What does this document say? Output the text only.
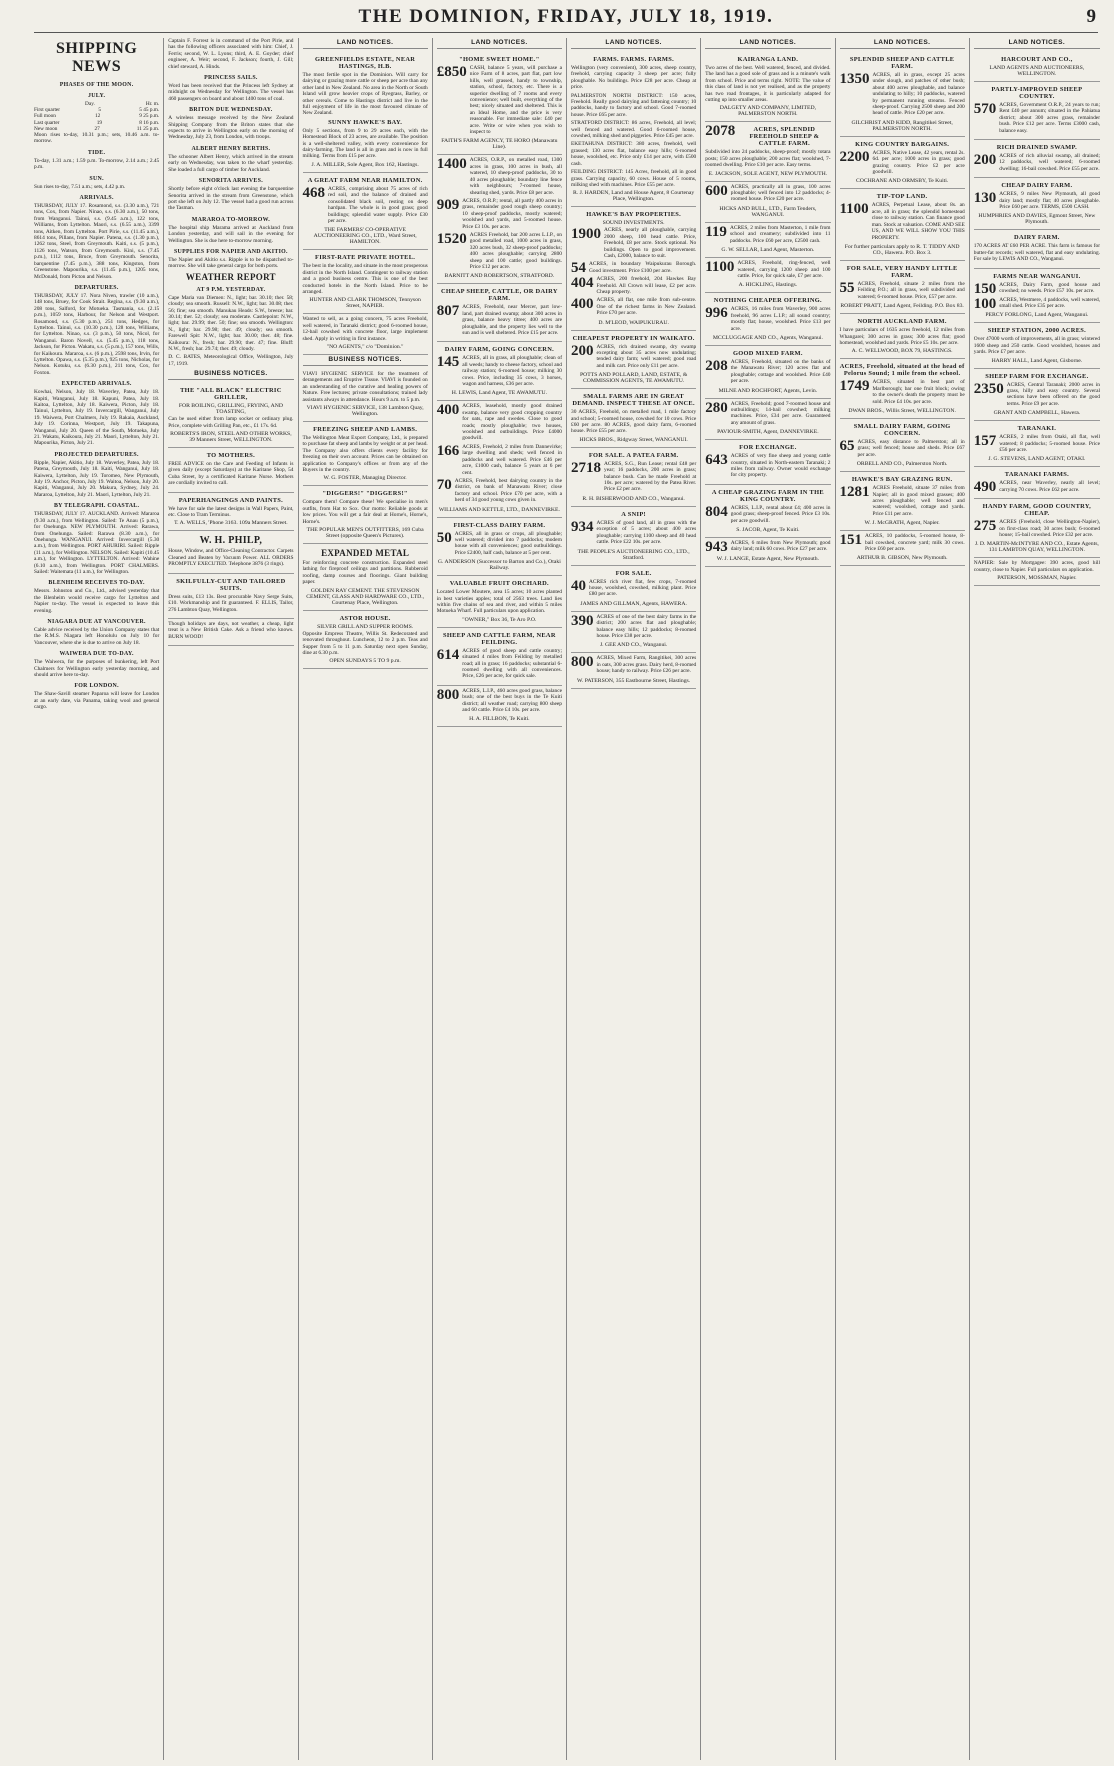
THE DOMINION, FRIDAY, JULY 18, 1919.	9
SHIPPING NEWS
PHASES OF THE MOON.
JULY.
Day.	Hr. m.
First quarter	5	5 45 p.m.
Full moon	12	9 25 p.m.
Last quarter	19	8 16 p.m.
New moon	27	11 25 p.m.

Moon rises to-day, 10.31 p.m.; sets, 10.46 a.m. to-morrow.

TIDE.

To-day, 1.31 a.m.; 1.59 p.m. To-morrow, 2.14 a.m.; 2.45 p.m.

SUN.

Sun rises to-day, 7.51 a.m.; sets, 4.42 p.m.

ARRIVALS.

THURSDAY, JULY 17. Rosamond, s.s. (3.30 a.m.), 721 tons, Cox, from Napier. Ninao, s.s. (6.30 a.m.), 50 tons, from Wanganui. Tainui, s.s. (9.45 a.m.), 122 tons, Williams, from Lyttelton. Maori, s.s. (6.55 a.m.), 3399 tons, Aitken, from Lyttelton. Port Pirie, s.s. (11.45 a.m.), 8614 tons, Pillans, from Napier. Patena, s.s. (1.30 p.m.), 1262 tons, Steel, from Greymouth. Kaiti, s.s. (5 p.m.), 1126 tons, Watson, from Greymouth. Kini, s.s. (7.45 p.m.), 1112 tons, Bruce, from Greymouth. Senorita, barquentine (7.45 p.m.), 388 tons, Kingston, from Greenstone. Mapourika, s.s. (11.45 p.m.), 1205 tons, McDonald, from Picton and Nelson.

DEPARTURES.

THURSDAY, JULY 17. Nora Niven, trawler (10 a.m.), 148 tons, Bruey, for Cook Strait. Regina, s.s. (9.30 a.m.), 208 tons, Salford, for Motueka. Tasmania, s.s. (2.15 p.m.), 1059 tons, Harbour, for Nelson and Westport. Rosamond, s.s. (5.30 p.m.), 251 tons, Hedges, for Lyttelton. Tainui, s.s. (10.30 p.m.), 128 tons, Williams, for Lyttelton. Ninao, s.s. (3 p.m.), 50 tons, Nicol, for Wanganui. Baron Novell, s.s. (5.45 p.m.), 118 tons, Jackson, for Picton. Wakatu, s.s. (5 p.m.), 157 tons, Wills, for Kaikoura. Mararoa, s.s. (6 p.m.), 2598 tons, Irvin, for Lyttelton. Opawa, s.s. (5.35 p.m.), 925 tons, Nicholas, for Nelson. Kotuku, s.s. (6.30 p.m.), 211 tons, Cox, for Foxton.

EXPECTED ARRIVALS.

Kowhai, Nelson, July 18. Waverley, Patea, July 18. Kapiti, Wanganui, July 18. Kapuni, Patea, July 18. Kaitoa, Lyttelton, July 18. Kaiwera, Picton, July 18. Tainui, Lyttelton, July 19. Invercargill, Wanganui, July 19. Waiwera, Port Chalmers, July 19. Rakaia, Auckland, July 19. Corinna, Westport, July 19. Takapuna, Wanganui, July 20. Queen of the South, Motueka, July 21. Wakatu, Kaikoura, July 21. Maori, Lyttelton, July 21. Mapourika, Picton, July 21.

PROJECTED DEPARTURES.

Ripple, Napier, Akitio, July 18. Waverley, Patea, July 18. Patena, Greymouth, July 18. Kaiti, Wanganui, July 18. Kaiwera, Lyttelton, July 19. Toromeo, New Plymouth, July 19. Anchor, Picton, July 19. Waitoa, Nelson, July 20. Kapiti, Wanganui, July 20. Makura, Sydney, July 24. Mararoa, Lyttelton, July 21. Maori, Lyttelton, July 21.

BY TELEGRAPH. COASTAL.

THURSDAY, JULY 17. AUCKLAND. Arrived: Mararoa (9.30 a.m.), from Wellington. Sailed: Te Anau (5 p.m.), for Onehunga. NEW PLYMOUTH. Arrived: Rarawa, from Onehunga. Sailed: Rarawa (8.30 a.m.), for Onehunga. WANGANUI. Arrived: Invercargill (5.30 a.m.), from Wellington. PORT AHURIRI. Sailed: Ripple (11 a.m.), for Wellington. NELSON. Sailed: Kapiti (10.45 a.m.), for Wellington. LYTTELTON. Arrived: Wahine (6.10 a.m.), from Wellington. PORT CHALMERS. Sailed: Waitemata (11 a.m.), for Wellington.

BLENHEIM RECEIVES TO-DAY.

Messrs. Johnston and Co., Ltd., advised yesterday that the Blenheim would receive cargo for Lyttelton and Napier to-day. The vessel is expected to leave this evening.

NIAGARA DUE AT VANCOUVER.

Cable advice received by the Union Company states that the R.M.S. Niagara left Honolulu on July 10 for Vancouver, where she is due to arrive on July 18.

WAIWERA DUE TO-DAY.

The Waiwera, for the purposes of bunkering, left Port Chalmers for Wellington early yesterday morning, and should arrive here to-day.

FOR LONDON.

The Shaw-Savill steamer Paparoa will leave for London at an early date, via Panama, taking wool and general cargo.

Captain F. Forrest is in command of the Port Pirie, and has the following officers associated with him: Chief, J. Ferris; second, W. L. Lyons; third, A. E. Goyder; chief engineer, A. Weir; second, F. Jackson; fourth, J. Gill; chief steward, A. Hinds.

PRINCESS SAILS.

Word has been received that the Princess left Sydney at midnight on Wednesday for Wellington. The vessel has 460 passengers on board and about 1400 tons of coal.

BRITON DUE WEDNESDAY.

A wireless message received by the New Zealand Shipping Company from the Briton states that she expects to arrive in Wellington early on the morning of Wednesday, July 23, from London, with troops.

ALBERT HENRY BERTHS.

The schooner Albert Henry, which arrived in the stream early on Wednesday, was taken to the wharf yesterday. She loaded a full cargo of timber for Auckland.

SENORITA ARRIVES.

Shortly before eight o'clock last evening the barquentine Senorita arrived in the stream from Greenstone, which port she left on July 12. The vessel had a good run across the Tasman.

MARAROA TO-MORROW.

The hospital ship Marama arrived at Auckland from London yesterday, and will sail in the evening for Wellington. She is due here to-morrow morning.

SUPPLIES FOR NAPIER AND AKITIO.

The Napier and Akitio s.s. Ripple is to be dispatched to-morrow. She will take general cargo for both ports.

WEATHER REPORT
AT 9 P.M. YESTERDAY.

Cape Maria van Diemen: N., light; bar. 30.10; ther. 58; cloudy; sea smooth. Russell: N.W., light; bar. 30.08; ther. 56; fine; sea smooth. Manukau Heads: S.W., breeze; bar. 30.14; ther. 52; cloudy; sea moderate. Castlepoint: N.W., light; bar. 29.99; ther. 50; fine; sea smooth. Wellington: N., light; bar. 29.98; ther. 49; cloudy; sea smooth. Farewell Spit: N.W., light; bar. 30.00; ther. 48; fine. Kaikoura: N., fresh; bar. 29.90; ther. 47; fine. Bluff: N.W., fresh; bar. 29.74; ther. 49; cloudy.

D. C. BATES, Meteorological Office, Wellington, July 17, 1919.

BUSINESS NOTICES.
THE "ALL BLACK" ELECTRIC GRILLER,
FOR BOILING, GRILLING, FRYING, AND TOASTING,

Can be used either from lamp socket or ordinary plug. Price, complete with Grilling Pan, etc., £1 17s. 6d.

ROBERTS'S IRON, STEEL AND OTHER WORKS, 39 Manners Street, WELLINGTON.
TO MOTHERS.

FREE ADVICE on the Care and Feeding of Infants is given daily (except Saturdays) at the Karitane Shop, 54 Cuba Street, by a certificated Karitane Nurse. Mothers are cordially invited to call.

PAPERHANGINGS AND PAINTS.

We have for sale the latest designs in Wall Papers, Paint, etc. Close to Tram Terminus.

T. A. WELLS, 'Phone 3163. 109a Manners Street.
W. H. PHILP,

House, Window, and Office-Cleaning Contractor. Carpets Cleaned and Beaten by Vacuum Power. ALL ORDERS PROMPTLY EXECUTED. Telephone 3876 (3 rings).

SKILFULLY-CUT AND TAILORED SUITS.

Dress suits, £13 13s. Best procurable Navy Serge Suits, £10. Workmanship and fit guaranteed. F. ELLIS, Tailor, 276 Lambton Quay, Wellington.

Though holidays are days, not weather, a cheap, light treat is a New British Cake. Ask a friend who knows. BURN WOOD!

LAND NOTICES.
GREENFIELDS ESTATE, NEAR HASTINGS, H.B.

The most fertile spot in the Dominion. Will carry for dairying or grazing more cattle or sheep per acre than any other land in New Zealand. No area in the North or South Island will grow heavier crops of Ryegrass, Barley, or other cereals. Come to Hastings district and live in the full enjoyment of life in the most favoured climate of New Zealand.

SUNNY HAWKE'S BAY.

Only 5 sections, from 9 to 29 acres each, with the Homestead Block of 23 acres, are available. The position is a well-sheltered valley, with every convenience for dairy-farming. The land is all in grass and is now in full milking. Terms from £15 per acre.

J. A. MILLER, Sole Agent, Box 162, Hastings.
A GREAT FARM NEAR HAMILTON.
468 ACRES, comprising about 75 acres of rich red soil, and the balance of drained and consolidated black soil, resting on deep hardpan. The whole is in good grass; good buildings; splendid water supply. Price £30 per acre.

THE FARMERS' CO-OPERATIVE AUCTIONEERING CO., LTD., Ward Street, HAMILTON.
FIRST-RATE PRIVATE HOTEL.

The best in the locality, and situate in the most prosperous district in the North Island. Contingent to railway station and a good business centre. This is one of the best conducted hotels in the North Island. Price to be arranged.

HUNTER AND CLARK THOMSON, Tennyson Street, NAPIER.

Wanted to sell, as a going concern, 75 acres Freehold, well watered, in Taranaki district; good 6-roomed house, 12-bail cowshed with concrete floor, large implement shed. Apply in writing in first instance.

"NO AGENTS," c/o "Dominion."
BUSINESS NOTICES.

VIAVI HYGIENIC SERVICE for the treatment of derangements and Eruptive Tissue. VIAVI is founded on an understanding of the curative and healing powers of Nature. Free lectures; private consultations; trained lady assistants always in attendance. Hours 9 a.m. to 5 p.m.

VIAVI HYGIENIC SERVICE, 138 Lambton Quay, Wellington.
FREEZING SHEEP AND LAMBS.

The Wellington Meat Export Company, Ltd., is prepared to purchase fat sheep and lambs by weight or at per head. The Company also offers clients every facility for freezing on their own account. Prices can be obtained on application to Company's offices or from any of the Buyers in the country.

W. G. FOSTER, Managing Director.
"DIGGERS!" "DIGGERS!"

Compare them! Compare these! We specialise in men's outfits, from Hat to Sox. Our motto: Reliable goods at low prices. You will get a fair deal at Horne's, Horne's, Horne's.

THE POPULAR MEN'S OUTFITTERS, 169 Cuba Street (opposite Queen's Pictures).
EXPANDED METAL

For reinforcing concrete construction. Expanded steel lathing for fireproof ceilings and partitions. Rubberoid roofing, damp courses and floorings. Giant building paper.

GOLDEN RAY CEMENT. THE STEVENSON CEMENT, GLASS AND HARDWARE CO., LTD., Courtenay Place, Wellington.
ASTOR HOUSE.
SILVER GRILL AND SUPPER ROOMS.

Opposite Empress Theatre, Willis St. Redecorated and renovated throughout. Luncheon, 12 to 2 p.m. Teas and Supper from 5 to 11 p.m. Saturday next open Sunday, dine at 6.30 p.m.

OPEN SUNDAYS 5 TO 9 p.m.
LAND NOTICES.
"HOME SWEET HOME."
£850 CASH, balance 5 years, will purchase a nice Farm of 8 acres, part flat, part low hills, well grassed, handy to township, station, school, factory, etc. There is a superior dwelling of 7 rooms and every convenience; well built, everything of the best; nicely situated and sheltered. This is an Ideal Home, and the price is very reasonable. For immediate sale: £40 per acre. Write or wire when you wish to inspect to

FAITH'S FARM AGENCY, TE HORO (Manawatu Line).
1400 ACRES, O.R.P., on metalled road, 1300 acres in grass, 100 acres in bush, all watered, 10 sheep-proof paddocks, 30 to 40 acres ploughable; boundary line fence with neighbours; 7-roomed house, shearing shed, yards. Price £8 per acre.

909 ACRES, O.R.P.; rental, all partly 400 acres in grass, remainder good rough sheep country; 10 sheep-proof paddocks, mostly watered; woolshed and yards, and 5-roomed house. Price £3 10s. per acre.

1520 ACRES Freehold, bar 200 acres L.I.P., on good metalled road, 1000 acres in grass, 320 acres bush, 32 sheep-proof paddocks; 400 acres ploughable; carrying 2800 sheep and 100 cattle; good buildings. Price £12 per acre.

BARNITT AND ROBERTSON, STRATFORD.
CHEAP SHEEP, CATTLE, OR DAIRY FARM.
807 ACRES, Freehold, near Mercer, part low-land, part drained swamp; about 300 acres in grass, balance heavy titree; 400 acres are ploughable, and the property lies well to the sun and is well sheltered. Price £15 per acre.

DAIRY FARM, GOING CONCERN.
145 ACRES, all in grass, all ploughable; clean of all weeds; handy to cheese factory, school and railway station; 6-roomed house; milking 30 cows. Price, including 35 cows, 3 horses, wagon and harness, £36 per acre.

H. LEWIS, Land Agent, TE AWAMUTU.
400 ACRES, leasehold, mostly good drained swamp, balance very good cropping country for oats, rape and swedes. Close to good roads; mostly ploughable; two houses, woolshed and outbuildings. Price £4000 goodwill.

166 ACRES, Freehold, 2 miles from Dannevirke; large dwelling and sheds; well fenced in paddocks and well watered. Price £46 per acre, £1000 cash, balance 5 years at 6 per cent.

70 ACRES, Freehold, best dairying country in the district, on bank of Manawatu River; close factory and school. Price £70 per acre, with a herd of 34 good young cows given in.

WILLIAMS AND KETTLE, LTD., DANNEVIRKE.
FIRST-CLASS DAIRY FARM.
50 ACRES, all in grass or crops, all ploughable; well watered; divided into 7 paddocks; modern house with all conveniences; good outbuildings. Price £2400, half cash, balance at 5 per cent.

G. ANDERSON (Successor to Barton and Co.), Otaki Railway.
VALUABLE FRUIT ORCHARD.

Located Lower Moutere, area 15 acres; 10 acres planted in best varieties apples; total of 2563 trees. Land lies within five chains of sea and river, and within 5 miles Motueka Wharf. Full particulars upon application.

"OWNER," Box 36, Te Aro P.O.
SHEEP AND CATTLE FARM, NEAR FEILDING.
614 ACRES of good sheep and cattle country; situated 4 miles from Feilding by metalled road; all in grass; 16 paddocks; substantial 6-roomed dwelling with all conveniences. Price, £26 per acre, for quick sale.

800 ACRES, L.I.P., 460 acres good grass, balance bush; one of the best buys in the Te Kuiti district; all weather road; carrying 800 sheep and 60 cattle. Price £4 10s. per acre.

H. A. FILLBON, Te Kuiti.
LAND NOTICES.
FARMS. FARMS. FARMS.

Wellington (very convenient), 300 acres, sheep country, freehold, carrying capacity 3 sheep per acre; fully ploughable. No buildings. Price £28 per acre. Cheap at price.

PALMERSTON NORTH DISTRICT: 150 acres, Freehold. Really good dairying and fattening country; 10 paddocks, handy to factory and school. Good 7-roomed house. Price £65 per acre.

STRATFORD DISTRICT: 86 acres, Freehold, all level; well fenced and watered. Good 6-roomed house, cowshed, milking shed and piggeries. Price £45 per acre.

EKETAHUNA DISTRICT: 380 acres, freehold, well grassed; 130 acres flat, balance easy hills; 6-roomed house, woolshed, etc. Price only £14 per acre, with £500 cash.

FEILDING DISTRICT: 145 Acres, freehold, all in good grass. Carrying capacity, 60 cows. House of 5 rooms, milking shed with machines. Price £55 per acre.

R. J. HARDEN, Land and House Agent, 8 Courtenay Place, Wellington.
HAWKE'S BAY PROPERTIES.
SOUND INVESTMENTS.
1900 ACRES, nearly all ploughable, carrying 2000 sheep, 100 head cattle. Price, Freehold, £8 per acre. Stock optional. No buildings. Open to good improvement. Cash, £2000, balance to suit.

54 ACRES, in boundary Waipukurau Borough. Good investment. Price £100 per acre.

404 ACRES, 200 freehold, 204 Hawkes Bay Freehold. All Crown will lease, £2 per acre. Cheap property.

400 ACRES, all flat, one mile from sub-centre. One of the richest farms in New Zealand. Price £70 per acre.

D. M'LEOD, WAIPUKURAU.
CHEAPEST PROPERTY IN WAIKATO.
200 ACRES, rich drained swamp, dry swamp excepting about 35 acres now undulating; tended dairy farm; well watered; good road and milk cart. Price only £11 per acre.

POTTS AND POLLARD, LAND, ESTATE, & COMMISSION AGENTS, TE AWAMUTU.
SMALL FARMS ARE IN GREAT DEMAND. INSPECT THESE AT ONCE.

30 ACRES, Freehold, on metalled road, 1 mile factory and school; 5-roomed house, cowshed for 10 cows. Price £60 per acre. 80 ACRES, good dairy farm, 6-roomed house. Price £55 per acre.

HICKS BROS., Ridgway Street, WANGANUI.
FOR SALE. A PATEA FARM.
2718 ACRES, S.G., Run Lease; rental £48 per year; 16 paddocks, 200 acres in grass; balance bush. Can be made Freehold at 10s. per acre; watered by the Patea River. Price £2 per acre.

R. H. BISHERWOOD AND CO., Wanganui.
A SNIP!
934 ACRES of good land, all in grass with the exception of 5 acres; about 400 acres ploughable; carrying 1100 sheep and 40 head cattle. Price £22 10s. per acre.

THE PEOPLE'S AUCTIONEERING CO., LTD., Stratford.
FOR SALE.
40 ACRES rich river flat, few crops, 7-roomed house, woolshed, cowshed, milking plant. Price £80 per acre.

JAMES AND GILLMAN, Agents, HAWERA.
390 ACRES of one of the best dairy farms in the district; 200 acres flat and ploughable; balance easy hills; 12 paddocks; 8-roomed house. Price £38 per acre.

J. GEE AND CO., Wanganui.
800 ACRES, Mixed Farm, Rangitikei, 300 acres in oats, 300 acres grass. Dairy herd, 8-roomed house; handy to railway. Price £26 per acre.

W. PATERSON, 355 Eastbourne Street, Hastings.
LAND NOTICES.
KAIRANGA LAND.

Two acres of the best. Well watered, fenced, and divided. The land has a good sole of grass and is a minute's walk from school. Price and terms right. NOTE: The value of this class of land is not yet realised, and as the property has two road frontages, it is particularly adapted for cutting up into smaller areas.

DALGETY AND COMPANY, LIMITED, PALMERSTON NORTH.
2078	ACRES, SPLENDID FREEHOLD SHEEP & CATTLE FARM.

Subdivided into 24 paddocks, sheep-proof; mostly totara posts; 150 acres ploughable; 200 acres flat; woolshed, 7-roomed dwelling. Price £10 per acre. Easy terms.

E. JACKSON, SOLE AGENT, NEW PLYMOUTH.
600 ACRES, practically all in grass, 100 acres ploughable; well fenced into 12 paddocks; 4-roomed house. Price £20 per acre.

HICKS AND BULL, LTD., Farm Tenders, WANGANUI.
119 ACRES, 2 miles from Masterton, 1 mile from school and creamery; subdivided into 11 paddocks. Price £60 per acre, £2500 cash.

G. W. SELLAR, Land Agent, Masterton.
1100 ACRES, Freehold, ring-fenced, well watered, carrying 1200 sheep and 100 cattle. Price, for quick sale, £7 per acre.

A. HICKLING, Hastings.
NOTHING CHEAPER OFFERING.
996 ACRES, 16 miles from Waverley, 900 acres freehold, 96 acres L.I.P.; all sound country; mostly flat; house, woolshed. Price £13 per acre.

MCCLUGGAGE AND CO., Agents, Wanganui.
GOOD MIXED FARM.
208 ACRES, Freehold, situated on the banks of the Manawatu River; 120 acres flat and ploughable; cottage and woolshed. Price £40 per acre.

MILNE AND ROCHFORT, Agents, Levin.
280 ACRES, Freehold; good 7-roomed house and outbuildings; 14-bail cowshed; milking machines. Price, £34 per acre. Guaranteed any amount of grass.

PAVIOUR-SMITH, Agent, DANNEVIRKE.
FOR EXCHANGE.
643 ACRES of very fine sheep and young cattle country, situated in North-eastern Taranaki; 2 miles from railway. Owner would exchange for city property.

A CHEAP GRAZING FARM IN THE KING COUNTRY.
804 ACRES, L.I.P., rental about £4; 400 acres in good grass; sheep-proof fenced. Price £3 10s. per acre goodwill.

S. JACOB, Agent, Te Kuiti.
943 ACRES, 6 miles from New Plymouth; good dairy land; milk 60 cows. Price £27 per acre.

W. J. LANGE, Estate Agent, New Plymouth.
LAND NOTICES.
SPLENDID SHEEP AND CATTLE FARM.
1350 ACRES, all in grass, except 25 acres under slough, and patches of other bush; about 400 acres ploughable, and balance undulating to hilly; 10 paddocks, watered by permanent running streams. Fenced sheep-proof. Carrying 2500 sheep and 200 head of cattle. Price £20 per acre.

GILCHRIST AND KIDD, Rangitikei Street, PALMERSTON NORTH.
KING COUNTRY BARGAINS.
2200 ACRES, Native Lease, 42 years, rental 2s. 6d. per acre; 1000 acres in grass; good grazing country. Price £2 per acre goodwill.

COCHRANE AND ORMSBY, Te Kuiti.
TIP-TOP LAND.
1100 ACRES, Perpetual Lease, about 8s. an acre, all in grass; the splendid homestead close to railway station. Can finance good man. Stock at valuation. COME AND SEE US, AND WE WILL SHOW YOU THIS PROPERTY.

For further particulars apply to R. T. TIDDY AND CO., Hawera. P.O. Box 3.
FOR SALE, VERY HANDY LITTLE FARM.
55 ACRES, Freehold, situate 2 miles from the Feilding P.O.; all in grass, well subdivided and watered; 6-roomed house. Price, £57 per acre.

ROBERT PRATT, Land Agent, Feilding. P.O. Box 83.
NORTH AUCKLAND FARM.

I have particulars of 1635 acres freehold, 12 miles from Whangarei; 300 acres in grass; 300 acres flat; good homestead, woolshed and yards. Price £5 10s. per acre.

A. C. WELLWOOD, BOX 79, HASTINGS.
ACRES, Freehold, situated at the head of Pelorus Sound; 1 mile from the school.
1749 ACRES, situated in best part of Marlborough; bar one fruit block; owing to the owner's death the property must be sold. Price £4 10s. per acre.

DWAN BROS., Willis Street, WELLINGTON.
SMALL DAIRY FARM, GOING CONCERN.
65 ACRES, easy distance to Palmerston; all in grass; well fenced; house and sheds. Price £67 per acre.

ORBELL AND CO., Palmerston North.
HAWKE'S BAY GRAZING RUN.
1281 ACRES Freehold, situate 37 miles from Napier; all in good mixed grasses; 400 acres ploughable; well fenced and watered; woolshed, cottage and yards. Price £11 per acre.

W. J. McGRATH, Agent, Napier.
151 ACRES, 10 paddocks, 5-roomed house, 8-bail cowshed, concrete yard; milk 30 cows. Price £60 per acre.

ARTHUR B. GIBSON, New Plymouth.
LAND NOTICES.
HARCOURT AND CO.,
LAND AGENTS AND AUCTIONEERS, WELLINGTON.
PARTLY-IMPROVED SHEEP COUNTRY.
570 ACRES, Government O.R.P., 24 years to run; Rent £40 per annum; situated in the Pahiatua district; about 300 acres grass, remainder bush. Price £12 per acre. Terms £3000 cash, balance easy.

RICH DRAINED SWAMP.
200 ACRES of rich alluvial swamp, all drained; 12 paddocks, well watered; 6-roomed dwelling; 16-bail cowshed. Price £55 per acre.

CHEAP DAIRY FARM.
130 ACRES, 9 miles New Plymouth, all good dairy land; mostly flat; 40 acres ploughable. Price £60 per acre. TERMS, £500 CASH.

HUMPHRIES AND DAVIES, Egmont Street, New Plymouth.
DAIRY FARM.

170 ACRES AT £60 PER ACRE. This farm is famous for butter-fat records; well watered, flat and easy undulating. For sale by LEWIS AND CO., Wanganui.

FARMS NEAR WANGANUI.
150 ACRES, Dairy Farm, good house and cowshed; no weeds. Price £57 10s. per acre.

100 ACRES, Westmere, 4 paddocks, well watered, small shed. Price £35 per acre.

PERCY FORLONG, Land Agent, Wanganui.
SHEEP STATION, 2000 ACRES.

Over 47000 worth of improvements, all in grass; wintered 1600 sheep and 250 cattle. Good woolshed, houses and yards. Price £7 per acre.

HARRY HALL, Land Agent, Gisborne.
SHEEP FARM FOR EXCHANGE.
2350 ACRES, Central Taranaki; 2000 acres in grass, hilly and easy country. Several sections have been offered on the good terms. Price £9 per acre.

GRANT AND CAMPBELL, Hawera.
TARANAKI.
157 ACRES, 2 miles from Otaki, all flat, well watered; 8 paddocks; 5-roomed house. Price £56 per acre.

J. G. STEVENS, LAND AGENT, OTAKI.
TARANAKI FARMS.
490 ACRES, near Waverley, nearly all level; carrying 70 cows. Price £62 per acre.

HANDY FARM, GOOD COUNTRY, CHEAP.
275 ACRES (Freehold, close Wellington-Napier), on first-class road; 30 acres bush; 6-roomed house; 15-bail cowshed. Price £32 per acre.

J. D. MARTIN-McINTYRE AND CO., Estate Agents, 131 LAMBTON QUAY, WELLINGTON.

NAPIER: Sale by Mortgagee: 390 acres, good hill country, close to Napier. Full particulars on application.

PATERSON, MOSSMAN, Napier.
